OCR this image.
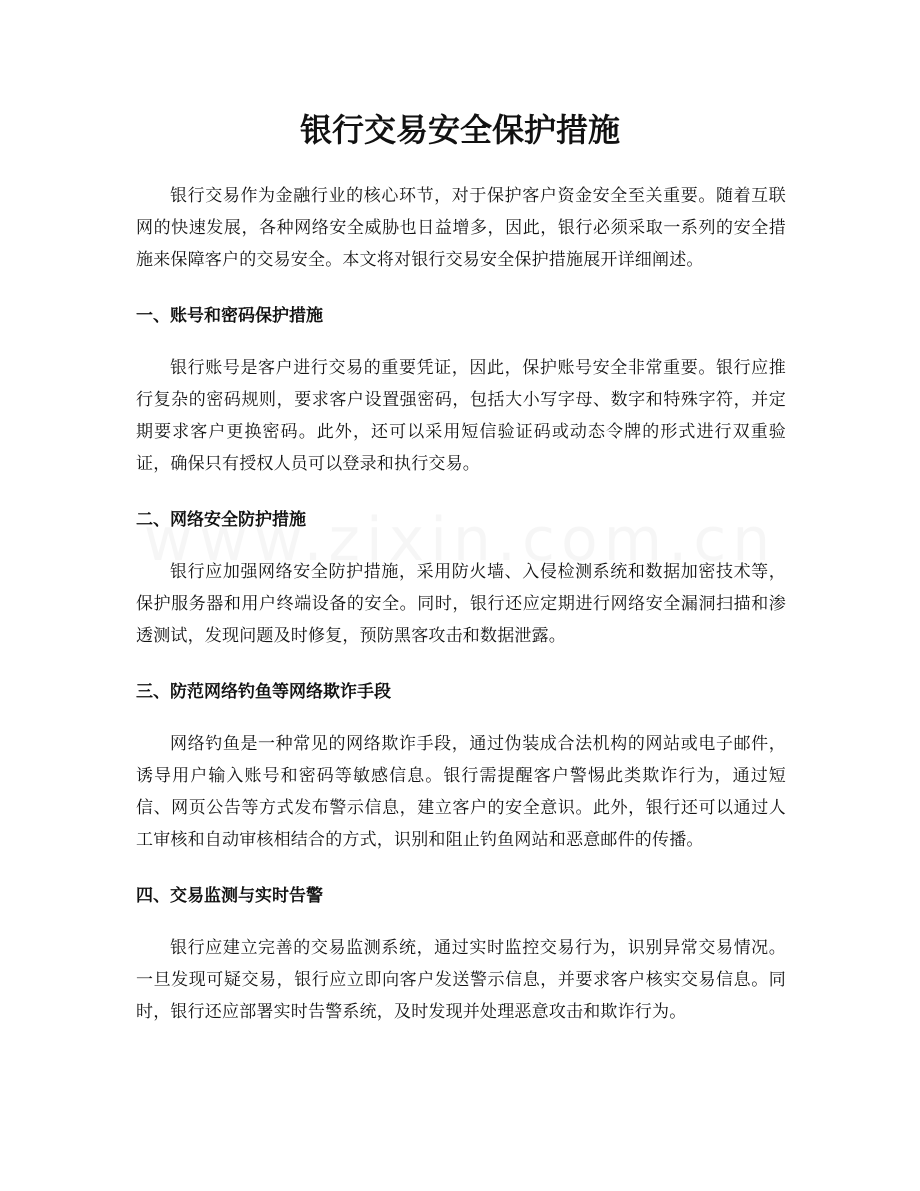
银行交易安全保护措施

银行交易作为金融行业的核心环节，对于保护客户资金安全至关重要。随着互联网的快速发展，各种网络安全威胁也日益增多，因此，银行必须采取一系列的安全措施来保障客户的交易安全。本文将对银行交易安全保护措施展开详细阐述。

一、账号和密码保护措施

银行账号是客户进行交易的重要凭证，因此，保护账号安全非常重要。银行应推行复杂的密码规则，要求客户设置强密码，包括大小写字母、数字和特殊字符，并定期要求客户更换密码。此外，还可以采用短信验证码或动态令牌的形式进行双重验证，确保只有授权人员可以登录和执行交易。

二、网络安全防护措施

银行应加强网络安全防护措施，采用防火墙、入侵检测系统和数据加密技术等，保护服务器和用户终端设备的安全。同时，银行还应定期进行网络安全漏洞扫描和渗透测试，发现问题及时修复，预防黑客攻击和数据泄露。

三、防范网络钓鱼等网络欺诈手段

网络钓鱼是一种常见的网络欺诈手段，通过伪装成合法机构的网站或电子邮件，诱导用户输入账号和密码等敏感信息。银行需提醒客户警惕此类欺诈行为，通过短信、网页公告等方式发布警示信息，建立客户的安全意识。此外，银行还可以通过人工审核和自动审核相结合的方式，识别和阻止钓鱼网站和恶意邮件的传播。

四、交易监测与实时告警

银行应建立完善的交易监测系统，通过实时监控交易行为，识别异常交易情况。一旦发现可疑交易，银行应立即向客户发送警示信息，并要求客户核实交易信息。同时，银行还应部署实时告警系统，及时发现并处理恶意攻击和欺诈行为。
